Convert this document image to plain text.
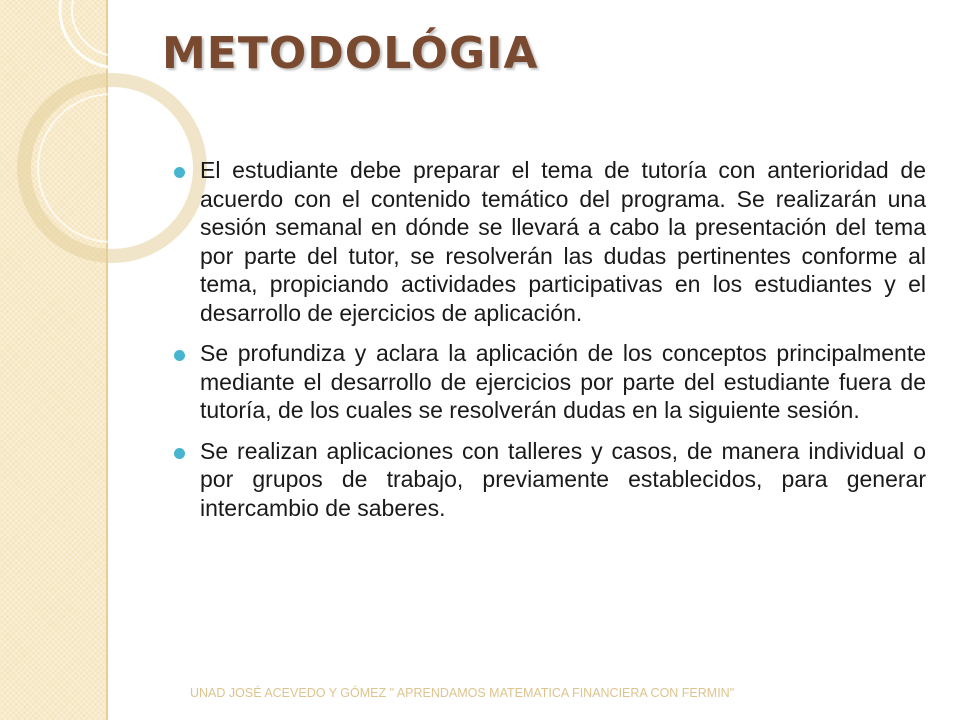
METODOLÓGIA
El estudiante debe preparar el tema de tutoría con anterioridad de acuerdo con el contenido temático del programa. Se realizarán una sesión semanal en dónde se llevará a cabo la presentación del tema por parte del tutor, se resolverán las dudas pertinentes conforme al tema, propiciando actividades participativas en los estudiantes y el desarrollo de ejercicios de aplicación.
Se profundiza y aclara la aplicación de los conceptos principalmente mediante el desarrollo de ejercicios por parte del estudiante fuera de tutoría, de los cuales se resolverán dudas en la siguiente sesión.
Se realizan aplicaciones con talleres y casos, de manera individual o por grupos de trabajo, previamente establecidos, para generar intercambio de saberes.
UNAD JOSÉ ACEVEDO Y GÓMEZ " APRENDAMOS MATEMATICA FINANCIERA CON FERMIN"
